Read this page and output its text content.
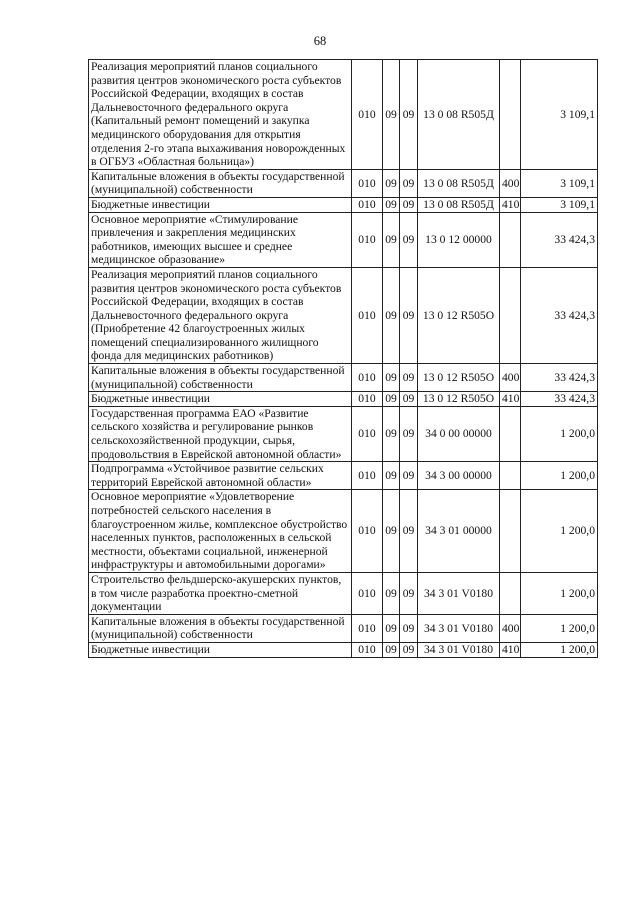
68
Реализация мероприятий планов социального развития центров экономического роста субъектов Российской Федерации, входящих в состав Дальневосточного федерального округа (Капитальный ремонт помещений и закупка медицинского оборудования для открытия отделения 2-го этапа выхаживания новорожденных в ОГБУЗ «Областная больница»)	010	09	09	13 0 08 R505Д		3 109,1
Капитальные вложения в объекты государственной (муниципальной) собственности	010	09	09	13 0 08 R505Д	400	3 109,1
Бюджетные инвестиции	010	09	09	13 0 08 R505Д	410	3 109,1
Основное мероприятие «Стимулирование привлечения и закрепления медицинских работников, имеющих высшее и среднее медицинское образование»	010	09	09	13 0 12 00000		33 424,3
Реализация мероприятий планов социального развития центров экономического роста субъектов Российской Федерации, входящих в состав Дальневосточного федерального округа (Приобретение 42 благоустроенных жилых помещений специализированного жилищного фонда для медицинских работников)	010	09	09	13 0 12 R505О		33 424,3
Капитальные вложения в объекты государственной (муниципальной) собственности	010	09	09	13 0 12 R505О	400	33 424,3
Бюджетные инвестиции	010	09	09	13 0 12 R505О	410	33 424,3
Государственная программа ЕАО «Развитие сельского хозяйства и регулирование рынков сельскохозяйственной продукции, сырья, продовольствия в Еврейской автономной области»	010	09	09	34 0 00 00000		1 200,0
Подпрограмма «Устойчивое развитие сельских территорий Еврейской автономной области»	010	09	09	34 3 00 00000		1 200,0
Основное мероприятие «Удовлетворение потребностей сельского населения в благоустроенном жилье, комплексное обустройство населенных пунктов, расположенных в сельской местности, объектами социальной, инженерной инфраструктуры и автомобильными дорогами»	010	09	09	34 3 01 00000		1 200,0
Строительство фельдшерско-акушерских пунктов, в том числе разработка проектно-сметной документации	010	09	09	34 3 01 V0180		1 200,0
Капитальные вложения в объекты государственной (муниципальной) собственности	010	09	09	34 3 01 V0180	400	1 200,0
Бюджетные инвестиции	010	09	09	34 3 01 V0180	410	1 200,0
